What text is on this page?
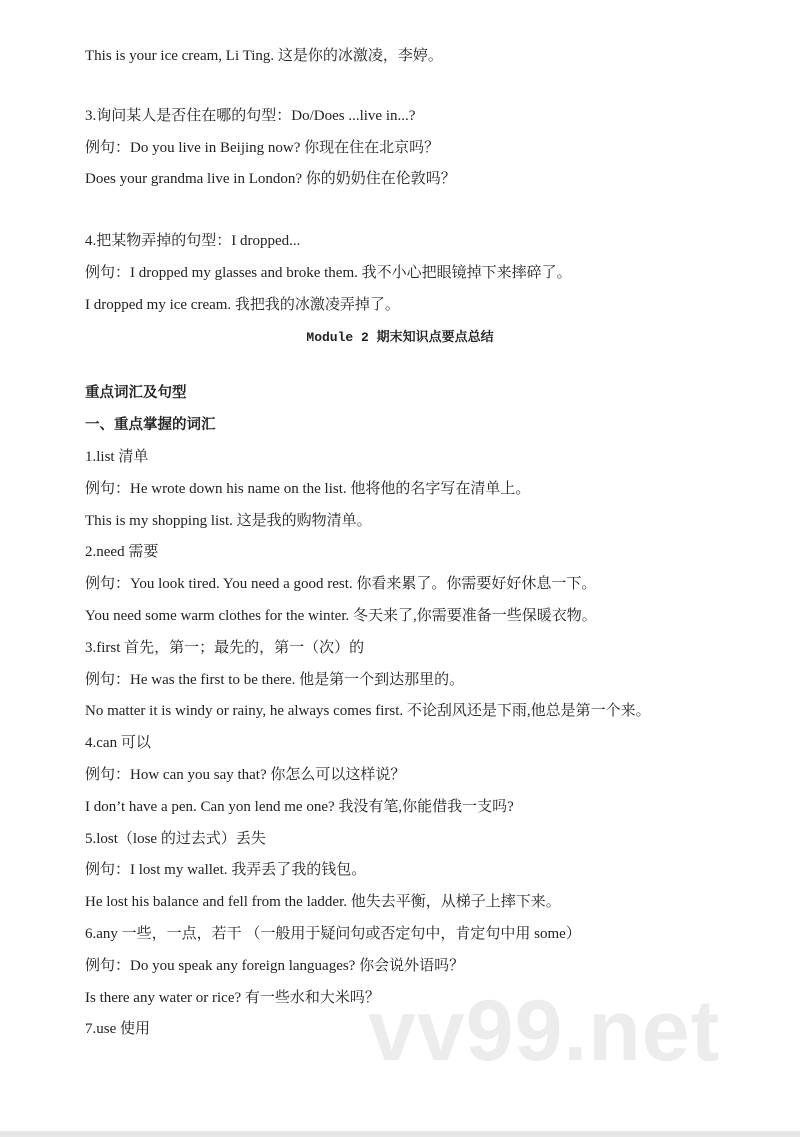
This is your ice cream, Li Ting. 这是你的冰激凌，李婷。
3.询问某人是否住在哪的句型：Do/Does ...live in...?
例句：Do you live in Beijing now? 你现在住在北京吗？
Does your grandma live in London? 你的奶奶住在伦敦吗？
4.把某物弄掉的句型：I dropped...
例句：I dropped my glasses and broke them. 我不小心把眼镜掉下来摔碎了。
I dropped my ice cream. 我把我的冰激凌弄掉了。
Module 2 期末知识点要点总结
重点词汇及句型
一、重点掌握的词汇
1.list 清单
例句：He wrote down his name on the list. 他将他的名字写在清单上。
This is my shopping list. 这是我的购物清单。
2.need 需要
例句：You look tired. You need a good rest. 你看来累了。你需要好好休息一下。
You need some warm clothes for the winter. 冬天来了,你需要准备一些保暖衣物。
3.first 首先，第一；最先的，第一（次）的
例句：He was the first to be there. 他是第一个到达那里的。
No matter it is windy or rainy, he always comes first. 不论刮风还是下雨,他总是第一个来。
4.can 可以
例句：How can you say that? 你怎么可以这样说？
I don’t have a pen. Can yon lend me one? 我没有笔,你能借我一支吗?
5.lost（lose 的过去式）丢失
例句：I lost my wallet. 我弄丢了我的钱包。
He lost his balance and fell from the ladder. 他失去平衡，从梯子上摔下来。
6.any 一些，一点，若干 （一般用于疑问句或否定句中，肯定句中用 some）
例句：Do you speak any foreign languages? 你会说外语吗？
Is there any water or rice? 有一些水和大米吗？
7.use 使用	vv99.net
